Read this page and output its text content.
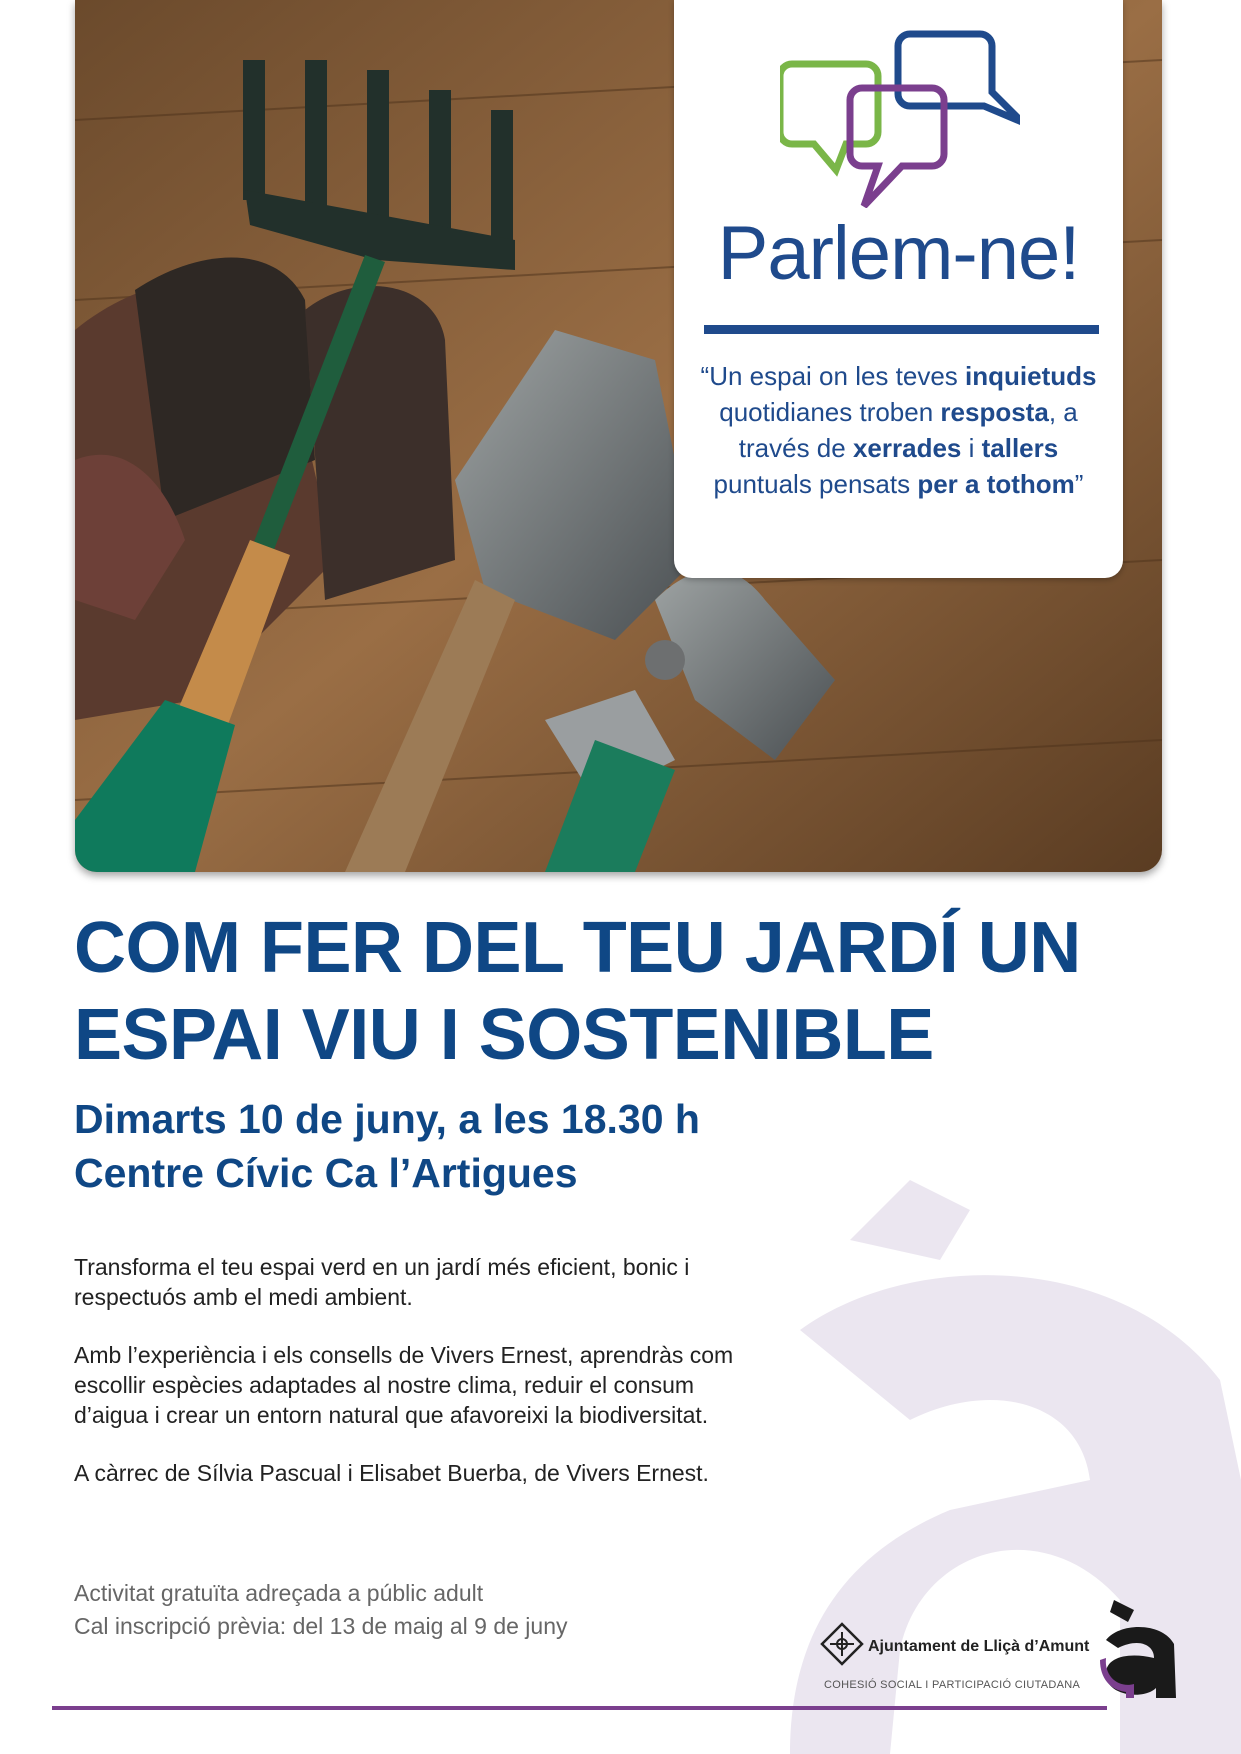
Parlem-ne!
“Un espai on les teves inquietuds quotidianes troben resposta, a través de xerrades i tallers puntuals pensats per a tothom”
COM FER DEL TEU JARDÍ UN
ESPAI VIU I SOSTENIBLE
Dimarts 10 de juny, a les 18.30 h
Centre Cívic Ca l’Artigues

Transforma el teu espai verd en un jardí més eficient, bonic i respectuós amb el medi ambient.

Amb l’experiència i els consells de Vivers Ernest, aprendràs com escollir espècies adaptades al nostre clima, reduir el consum d’aigua i crear un entorn natural que afavoreixi la biodiversitat.

A càrrec de Sílvia Pascual i Elisabet Buerba, de Vivers Ernest.

Activitat gratuïta adreçada a públic adult
Cal inscripció prèvia: del 13 de maig al 9 de juny
Ajuntament de Lliçà d’Amunt
COHESIÓ SOCIAL I PARTICIPACIÓ CIUTADANA
